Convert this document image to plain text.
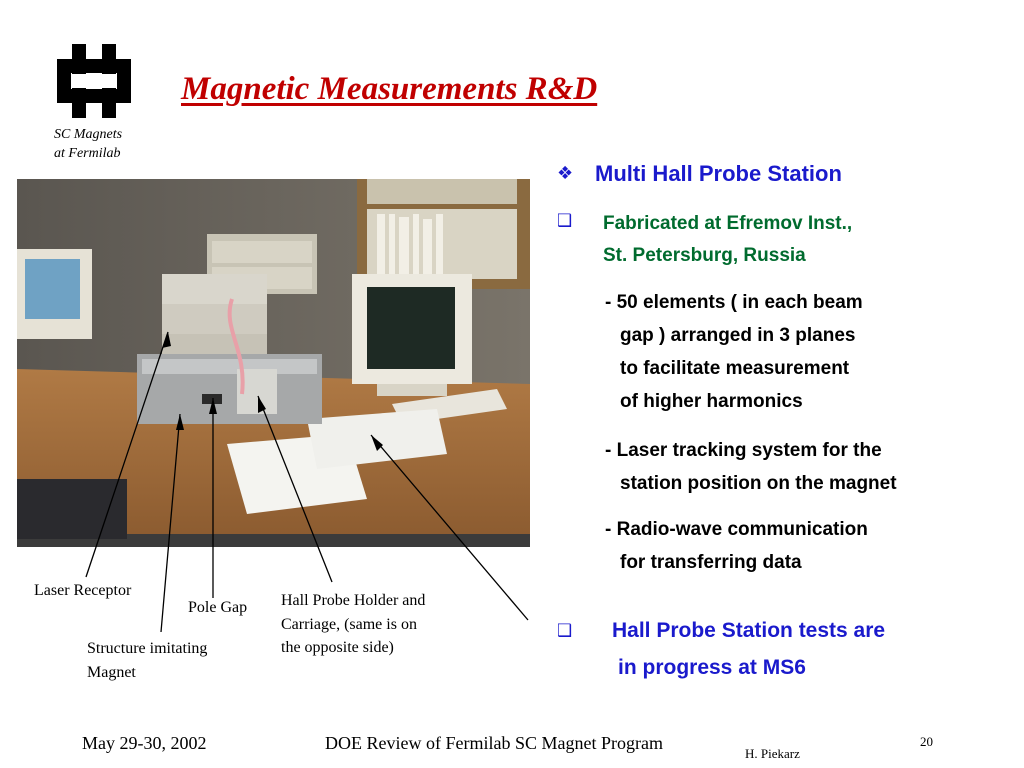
SC Magnets
at Fermilab
Magnetic Measurements R&D
Laser Receptor
Pole Gap
Structure imitating
Magnet
Hall Probe Holder and
Carriage, (same is on
the opposite side)
❖ Multi Hall Probe Station
❑ Fabricated at Efremov Inst.,
St. Petersburg, Russia
- 50 elements ( in each beam
gap ) arranged in 3 planes
to facilitate measurement
of higher harmonics
- Laser tracking system for the
station position on the magnet
- Radio-wave communication
for transferring data
❑ Hall Probe Station tests are
in progress at MS6
May 29-30, 2002	DOE Review of Fermilab SC Magnet Program	20
H. Piekarz
